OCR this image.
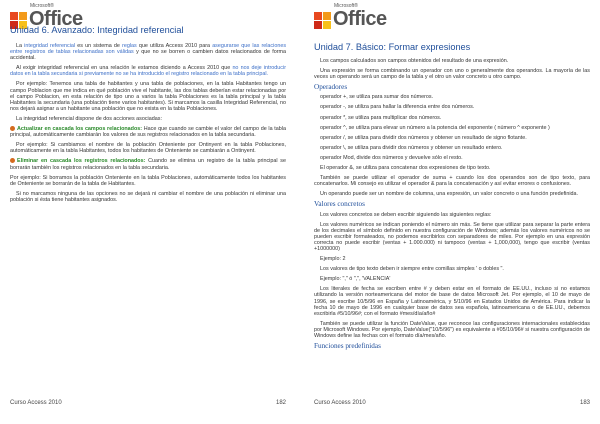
Microsoft®
Office
Unidad 6. Avanzado: Integridad referencial

La integridad referencial es un sistema de reglas que utiliza Access 2010 para asegurarse que las relaciones entre registros de tablas relacionadas son válidas y que no se borren o cambien datos relacionados de forma accidental.

Al exigir integridad referencial en una relación le estamos diciendo a Access 2010 que no nos deje introducir datos en la tabla secundaria si previamente no se ha introducido el registro relacionado en la tabla principal.

Por ejemplo: Tenemos una tabla de habitantes y una tabla de poblaciones, en la tabla Habitantes tengo un campo Poblacion que me indica en qué población vive el habitante, las dos tablas deberían estar relacionadas por el campo Poblacion, en esta relación de tipo uno a varios la tabla Poblaciones es la tabla principal y la tabla Habitantes la secundaria (una población tiene varios habitantes). Si marcamos la casilla Integridad Referencial, no nos dejará asignar a un habitante una población que no exista en la tabla Poblaciones.

La integridad referencial dispone de dos acciones asociadas:

Actualizar en cascada los campos relacionados: Hace que cuando se cambie el valor del campo de la tabla principal, automáticamente cambiarán los valores de sus registros relacionados en la tabla secundaria.

Por ejemplo: Si cambiamos el nombre de la población Onteniente por Ontinyent en la tabla Poblaciones, automáticamente en la tabla Habitantes, todos los habitantes de Onteniente se cambiarán a Ontinyent.

Eliminar en cascada los registros relacionados: Cuando se elimina un registro de la tabla principal se borrarán también los registros relacionados en la tabla secundaria.

Por ejemplo: Si borramos la población Onteniente en la tabla Poblaciones, automáticamente todos los habitantes de Onteniente se borrarán de la tabla de Habitantes.

Si no marcamos ninguna de las opciones no se dejará ni cambiar el nombre de una población ni eliminar una población si ésta tiene habitantes asignados.

Curso Access 2010	182
Microsoft®
Office
Unidad 7. Básico: Formar expresiones

Los campos calculados son campos obtenidos del resultado de una expresión.

Una expresión se forma combinando un operador con uno o generalmente dos operandos. La mayoría de las veces un operando será un campo de la tabla y el otro un valor concreto u otro campo.

Operadores

operador +, se utiliza para sumar dos números.

operador -, se utiliza para hallar la diferencia entre dos números.

operador *, se utiliza para multiplicar dos números.

operador ^, se utiliza para elevar un número a la potencia del exponente ( número ^ exponente )

operador /, se utiliza para dividir dos números y obtener un resultado de signo flotante.

operador \, se utiliza para dividir dos números y obtener un resultado entero.

operador Mod, divide dos números y devuelve sólo el resto.

El operador &, se utiliza para concatenar dos expresiones de tipo texto.

También se puede utilizar el operador de suma + cuando los dos operandos son de tipo texto, para concatenarlos. Mi consejo es utilizar el operador & para la concatenación y así evitar errores o confusiones.

Un operando puede ser un nombre de columna, una expresión, un valor concreto o una función predefinida.

Valores concretos

Los valores concretos se deben escribir siguiendo las siguientes reglas:

Los valores numéricos se indican poniendo el número sin más. Se tiene que utilizar para separar la parte entera de los decimales el símbolo definido en nuestra configuración de Windows; además los valores numéricos no se pueden escribir formateados, no podemos escribirlos con separadores de miles. Por ejemplo en una expresión correcta no puede escribir (ventas + 1.000.000) ni tampoco (ventas + 1,000,000), tengo que escribir (ventas +1000000)

Ejemplo: 2

Los valores de tipo texto deben ir siempre entre comillas simples ' o dobles ".

Ejemplo: "," ó ",", 'VALENCIA'

Los literales de fecha se escriben entre # y deben estar en el formato de EE.UU., incluso si no estamos utilizando la versión norteamericana del motor de base de datos Microsoft Jet. Por ejemplo, el 10 de mayo de 1996, se escribe 10/5/96 en España y Latinoamérica, y 5/10/96 en Estados Unidos de América. Para indicar la fecha 10 de mayo de 1996 en cualquier base de datos sea española, latinoamericana o de EE.UU., debemos escribirla #5/10/96#; con el formato #mes/día/año#

También se puede utilizar la función DateValue, que reconoce las configuraciones internacionales establecidas por Microsoft Windows. Por ejemplo, DateValue("10/5/96") es equivalente a #05/10/96# si nuestra configuración de Windows define las fechas con el formato día/mes/año.

Funciones predefinidas
Curso Access 2010	183
